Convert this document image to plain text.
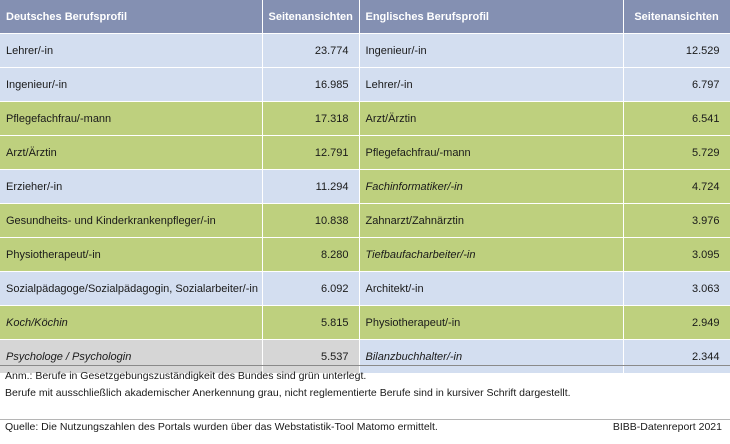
Deutsches Berufsprofil	Seitenansichten	Englisches Berufsprofil	Seitenansichten
Lehrer/-in	23.774	Ingenieur/-in	12.529
Ingenieur/-in	16.985	Lehrer/-in	6.797
Pflegefachfrau/-mann	17.318	Arzt/Ärztin	6.541
Arzt/Ärztin	12.791	Pflegefachfrau/-mann	5.729
Erzieher/-in	11.294	Fachinformatiker/-in	4.724
Gesundheits- und Kinderkrankenpfleger/-in	10.838	Zahnarzt/Zahnärztin	3.976
Physiotherapeut/-in	8.280	Tiefbaufacharbeiter/-in	3.095
Sozialpädagoge/Sozialpädagogin, Sozialarbeiter/-in	6.092	Architekt/-in	3.063
Koch/Köchin	5.815	Physiotherapeut/-in	2.949
Psychologe / Psychologin	5.537	Bilanzbuchhalter/-in	2.344
Anm.: Berufe in Gesetzgebungszuständigkeit des Bundes sind grün unterlegt.
Berufe mit ausschließlich akademischer Anerkennung grau, nicht reglementierte Berufe sind in kursiver Schrift dargestellt.
Quelle: Die Nutzungszahlen des Portals wurden über das Webstatistik-Tool Matomo ermittelt.	BIBB-Datenreport 2021
